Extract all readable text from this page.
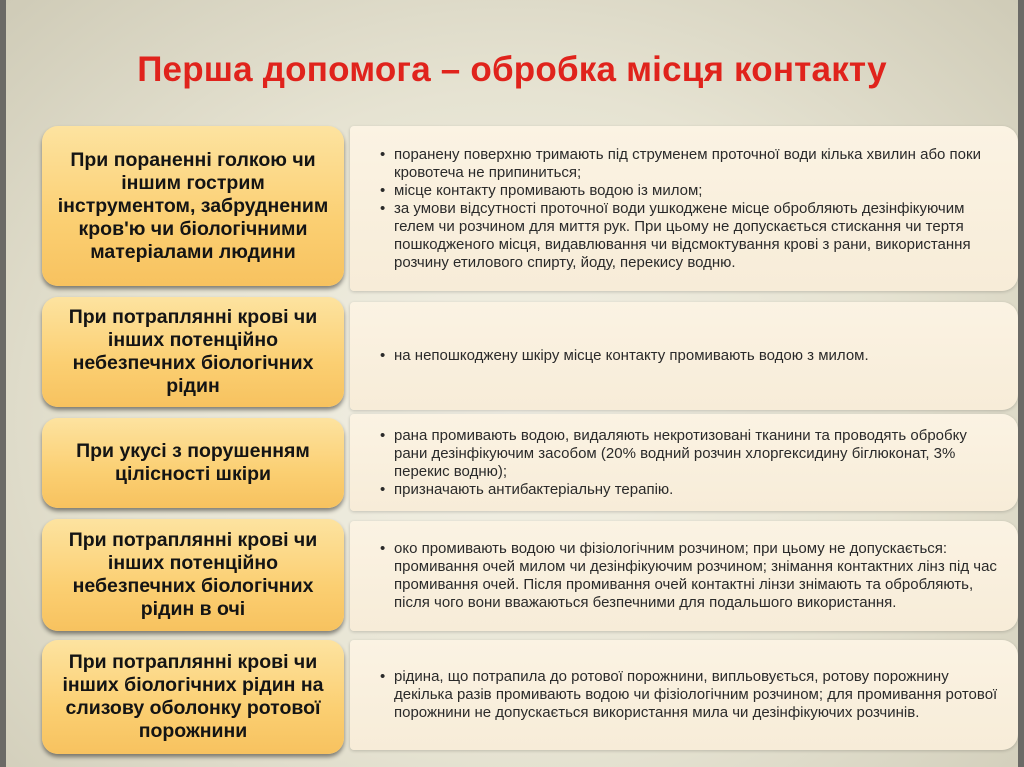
Перша допомога – обробка місця контакту
При пораненні голкою чи іншим гострим інструментом, забрудненим кров'ю чи біологічними матеріалами людини
• поранену поверхню тримають під струменем проточної води кілька хвилин або поки кровотеча не припиниться;
• місце контакту промивають водою із милом;
• за умови відсутності проточної води ушкоджене місце обробляють дезінфікуючим гелем чи розчином для миття рук. При цьому не допускається стискання чи тертя пошкодженого місця, видавлювання чи відсмоктування крові з рани, використання розчину етилового спирту, йоду, перекису водню.
При потраплянні крові чи інших потенційно небезпечних біологічних рідин
• на непошкоджену шкіру місце контакту промивають водою з милом.
При укусі з порушенням цілісності шкіри
• рана промивають водою, видаляють некротизовані тканини та проводять обробку рани дезінфікуючим засобом (20% водний розчин хлоргексидину біглюконат, 3% перекис водню);
• призначають антибактеріальну терапію.
При потраплянні крові чи інших потенційно небезпечних біологічних рідин в очі
• око промивають водою чи фізіологічним розчином; при цьому не допускається: промивання очей милом чи дезінфікуючим розчином; знімання контактних лінз під час промивання очей. Після промивання очей контактні лінзи знімають та обробляють, після чого вони вважаються безпечними для подальшого використання.
При потраплянні крові чи інших біологічних рідин на слизову оболонку ротової порожнини
• рідина, що потрапила до ротової порожнини, випльовується, ротову порожнину декілька разів промивають водою чи фізіологічним розчином; для промивання ротової порожнини не допускається використання мила чи дезінфікуючих розчинів.
